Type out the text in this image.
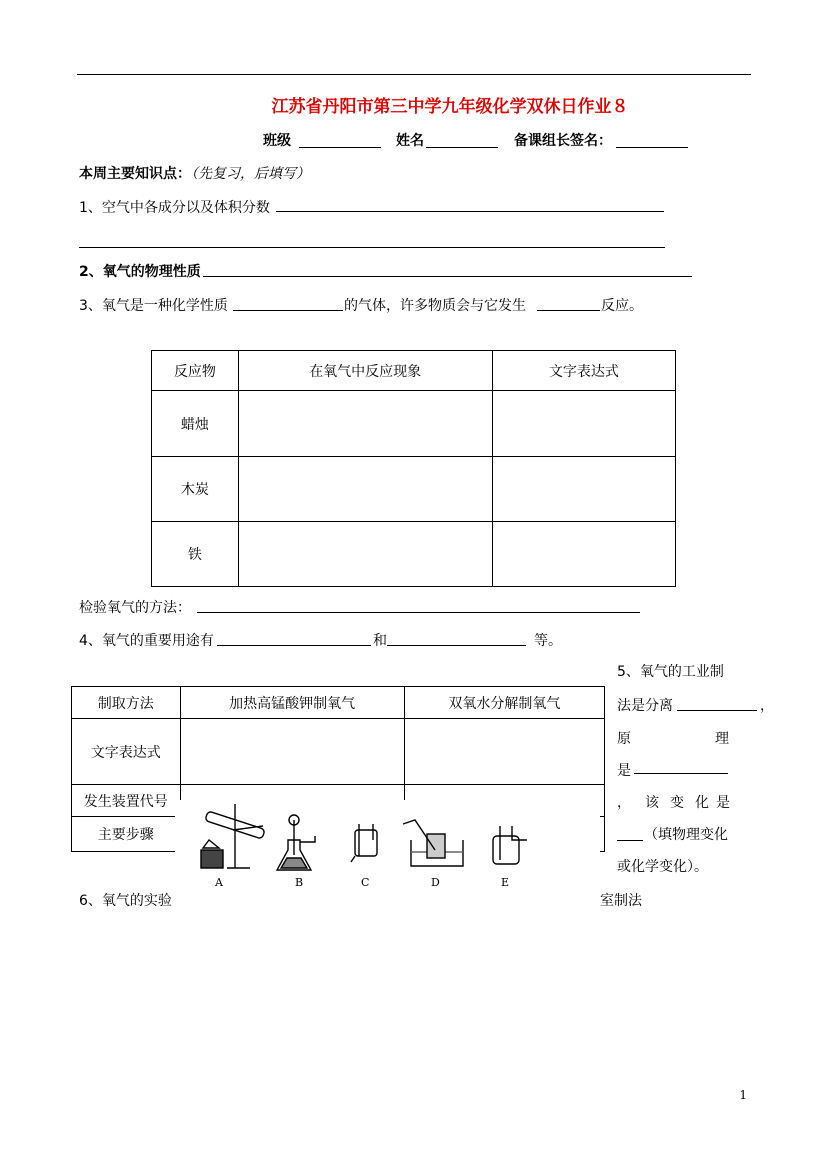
江苏省丹阳市第三中学九年级化学双休日作业８
班级	姓名	备课组长签名：
本周主要知识点：（先复习，后填写）
1、空气中各成分以及体积分数
2、氧气的物理性质
3、氧气是一种化学性质	的气体，许多物质会与它发生	反应。
反应物	在氧气中反应现象	文字表达式
蜡烛		
木炭		
铁		
检验氧气的方法：
4、氧气的重要用途有	和	等。
制取方法	加热高锰酸钾制氧气	双氧水分解制氧气
文字表达式		
发生装置代号		
主要步骤		
A	B	C	D	E
5、氧气的工业制
法是分离	，
原	理
是
， 该 变 化 是
（填物理变化
或化学变化）。
6、氧气的实验	室制法
1
